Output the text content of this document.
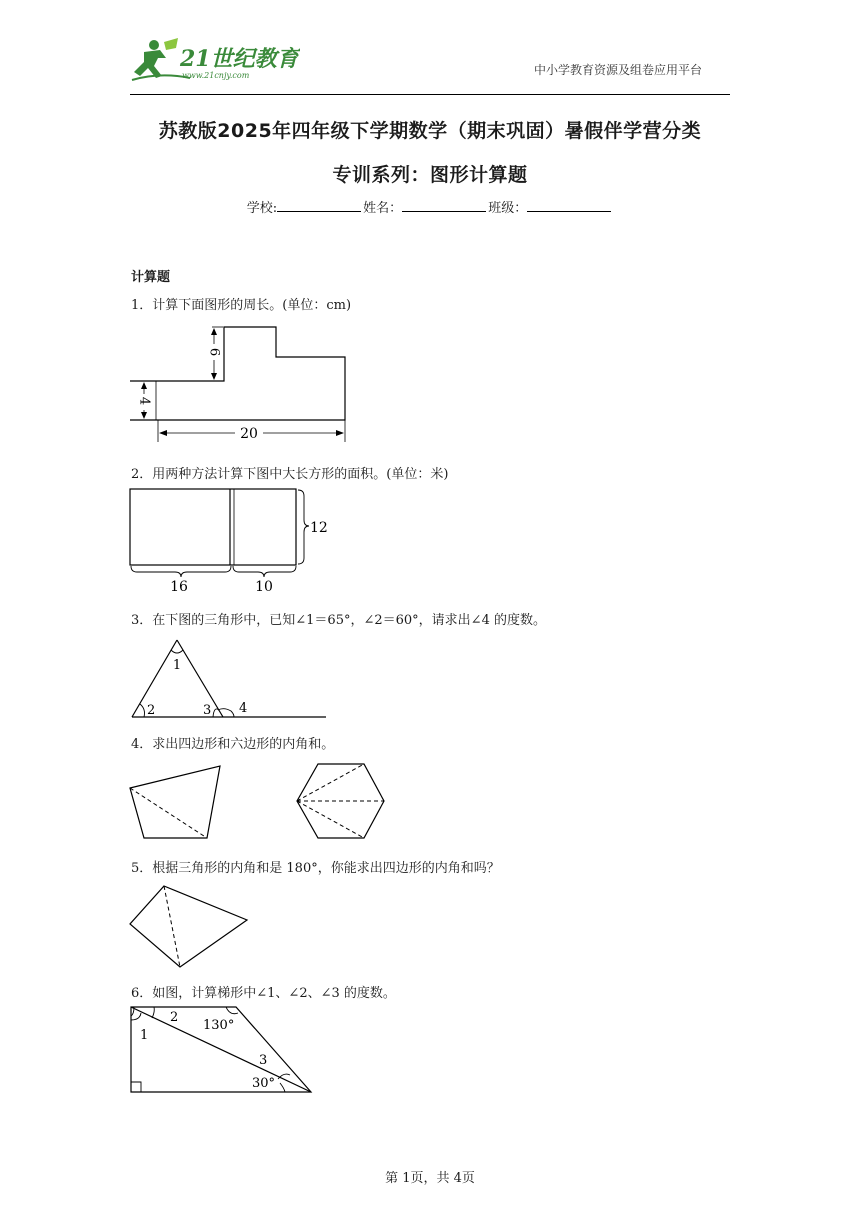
21世纪教育
www.21cnjy.com	中小学教育资源及组卷应用平台
苏教版2025年四年级下学期数学（期末巩固）暑假伴学营分类
专训系列：图形计算题
学校:	姓名：	班级：
计算题
1．计算下面图形的周长。(单位：cm)
6
4
20
2．用两种方法计算下图中大长方形的面积。(单位：米)
12
16	10
3．在下图的三角形中，已知∠1＝65°，∠2＝60°，请求出∠4 的度数。
1
2	3 4
4．求出四边形和六边形的内角和。
5．根据三角形的内角和是 180°，你能求出四边形的内角和吗？
6．如图，计算梯形中∠1、∠2、∠3 的度数。
1
2
130°
3
30°
第 1页，共 4页
